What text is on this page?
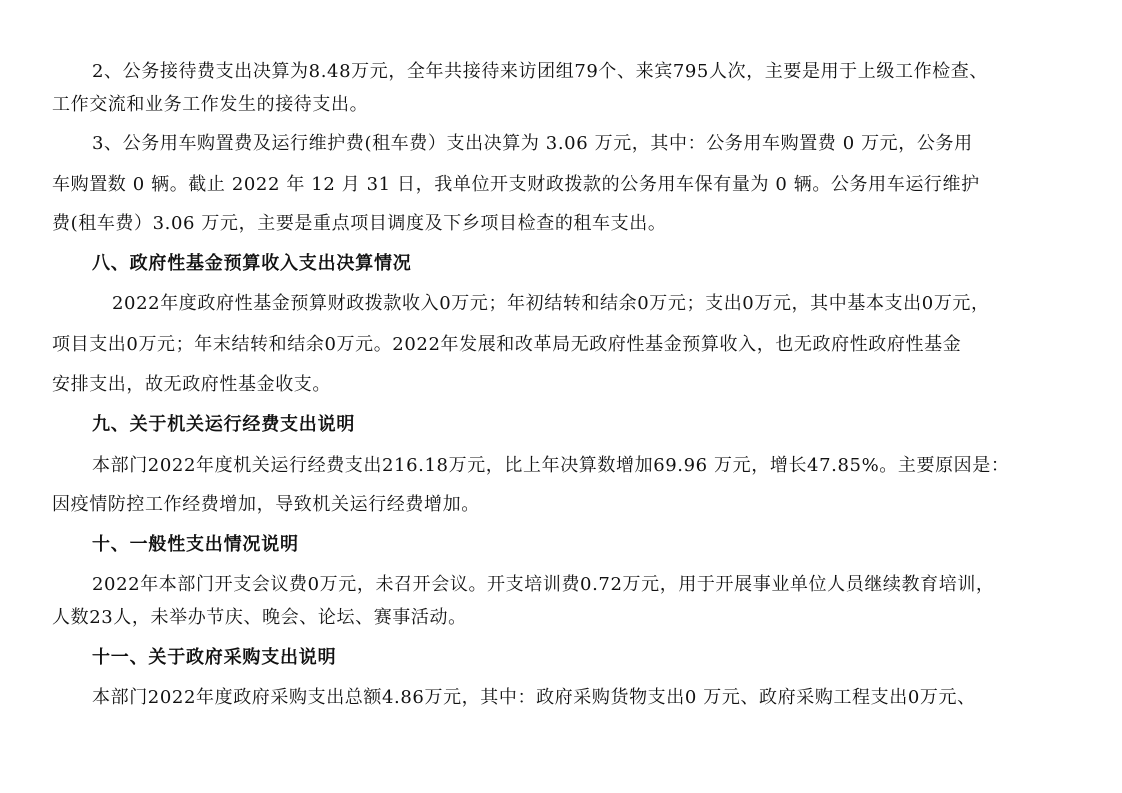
2、公务接待费支出决算为8.48万元，全年共接待来访团组79个、来宾795人次，主要是用于上级工作检查、
工作交流和业务工作发生的接待支出。
3、公务用车购置费及运行维护费(租车费）支出决算为 3.06 万元，其中：公务用车购置费 0 万元，公务用
车购置数 0 辆。截止 2022 年 12 月 31 日，我单位开支财政拨款的公务用车保有量为 0 辆。公务用车运行维护
费(租车费）3.06 万元，主要是重点项目调度及下乡项目检查的租车支出。
八、政府性基金预算收入支出决算情况
2022年度政府性基金预算财政拨款收入0万元；年初结转和结余0万元；支出0万元，其中基本支出0万元，
项目支出0万元；年末结转和结余0万元。2022年发展和改革局无政府性基金预算收入，也无政府性政府性基金
安排支出，故无政府性基金收支。
九、关于机关运行经费支出说明
本部门2022年度机关运行经费支出216.18万元，比上年决算数增加69.96 万元，增长47.85%。主要原因是：
因疫情防控工作经费增加，导致机关运行经费增加。
十、一般性支出情况说明
2022年本部门开支会议费0万元，未召开会议。开支培训费0.72万元，用于开展事业单位人员继续教育培训，
人数23人，未举办节庆、晚会、论坛、赛事活动。
十一、关于政府采购支出说明
本部门2022年度政府采购支出总额4.86万元，其中：政府采购货物支出0 万元、政府采购工程支出0万元、
